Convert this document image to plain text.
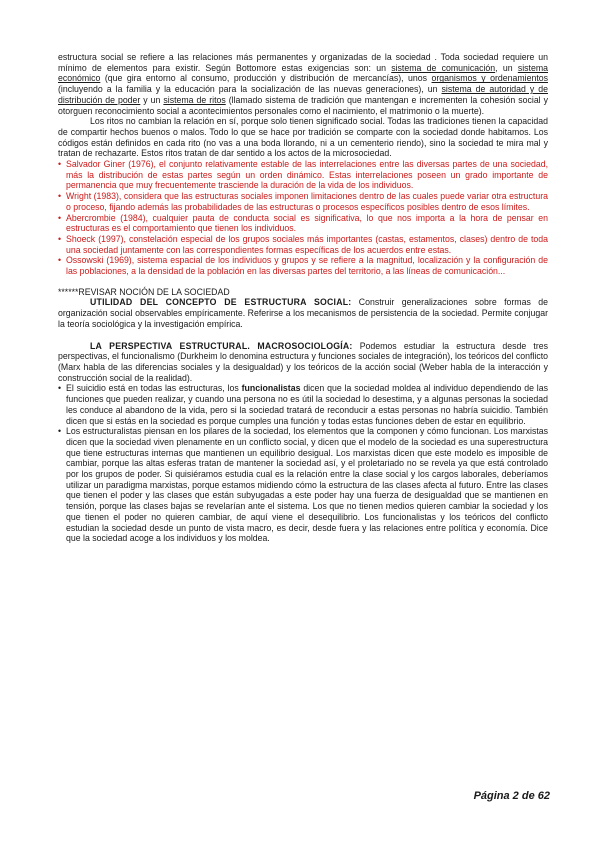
estructura social se refiere a las relaciones más permanentes y organizadas de la sociedad . Toda sociedad requiere un mínimo de elementos para existir. Según Bottomore estas exigencias son: un sistema de comunicación, un sistema económico (que gira entorno al consumo, producción y distribución de mercancías), unos organismos y ordenamientos (incluyendo a la familia y la educación para la socialización de las nuevas generaciones), un sistema de autoridad y de distribución de poder y un sistema de ritos (llamado sistema de tradición que mantengan e incrementen la cohesión social y otorguen reconocimiento social a acontecimientos personales como el nacimiento, el matrimonio o la muerte).

Los ritos no cambian la relación en sí, porque solo tienen significado social. Todas las tradiciones tienen la capacidad de compartir hechos buenos o malos. Todo lo que se hace por tradición se comparte con la sociedad donde habitamos. Los códigos están definidos en cada rito (no vas a una boda llorando, ni a un cementerio riendo), sino la sociedad te mira mal y tratan de rechazarte. Estos ritos tratan de dar sentido a los actos de la microsociedad.

• Salvador Giner (1976), el conjunto relativamente estable de las interrelaciones entre las diversas partes de una sociedad, más la distribución de estas partes según un orden dinámico. Estas interrelaciones poseen un grado importante de permanencia que muy frecuentemente trasciende la duración de la vida de los individuos.
• Wright (1983), considera que las estructuras sociales imponen limitaciones dentro de las cuales puede variar otra estructura o proceso, fijando además las probabilidades de las estructuras o procesos específicos posibles dentro de esos límites.
• Abercrombie (1984), cualquier pauta de conducta social es significativa, lo que nos importa a la hora de pensar en estructuras es el comportamiento que tienen los individuos.
• Shoeck (1997), constelación especial de los grupos sociales más importantes (castas, estamentos, clases) dentro de toda una sociedad juntamente con las correspondientes formas específicas de los acuerdos entre estas.
• Ossowski (1969), sistema espacial de los individuos y grupos y se refiere a la magnitud, localización y la configuración de las poblaciones, a la densidad de la población en las diversas partes del territorio, a las líneas de comunicación...

******REVISAR NOCIÓN DE LA SOCIEDAD

UTILIDAD DEL CONCEPTO DE ESTRUCTURA SOCIAL: Construir generalizaciones sobre formas de organización social observables empíricamente. Referirse a los mecanismos de persistencia de la sociedad. Permite conjugar la teoría sociológica y la investigación empírica.

LA PERSPECTIVA ESTRUCTURAL. MACROSOCIOLOGÍA: Podemos estudiar la estructura desde tres perspectivas, el funcionalismo (Durkheim lo denomina estructura y funciones sociales de integración), los teóricos del conflicto (Marx habla de las diferencias sociales y la desigualdad) y los teóricos de la acción social (Weber habla de la interacción y construcción social de la realidad).

• El suicidio está en todas las estructuras, los funcionalistas dicen que la sociedad moldea al individuo dependiendo de las funciones que pueden realizar, y cuando una persona no es útil la sociedad lo desestima, y a algunas personas la sociedad les conduce al abandono de la vida, pero si la sociedad tratará de reconducir a estas personas no habría suicidio. También dicen que si estás en la sociedad es porque cumples una función y todas estas funciones deben de estar en equilibrio.
• Los estructuralistas piensan en los pilares de la sociedad, los elementos que la componen y cómo funcionan. Los marxistas dicen que la sociedad viven plenamente en un conflicto social, y dicen que el modelo de la sociedad es una superestructura que tiene estructuras internas que mantienen un equilibrio desigual. Los marxistas dicen que este modelo es imposible de cambiar, porque las altas esferas tratan de mantener la sociedad así, y el proletariado no se revela ya que está controlado por los grupos de poder. Si quisiéramos estudia cual es la relación entre la clase social y los cargos laborales, deberíamos utilizar un paradigma marxistas, porque estamos midiendo cómo la estructura de las clases afecta al futuro. Entre las clases que tienen el poder y las clases que están subyugadas a este poder hay una fuerza de desigualdad que se mantienen en tensión, porque las clases bajas se revelarían ante el sistema. Los que no tienen medios quieren cambiar la sociedad y los que tienen el poder no quieren cambiar, de aquí viene el desequilibrio. Los funcionalistas y los teóricos del conflicto estudian la sociedad desde un punto de vista macro, es decir, desde fuera y las relaciones entre política y economía. Dice que la sociedad acoge a los individuos y los moldea.
Página 2 de 62
